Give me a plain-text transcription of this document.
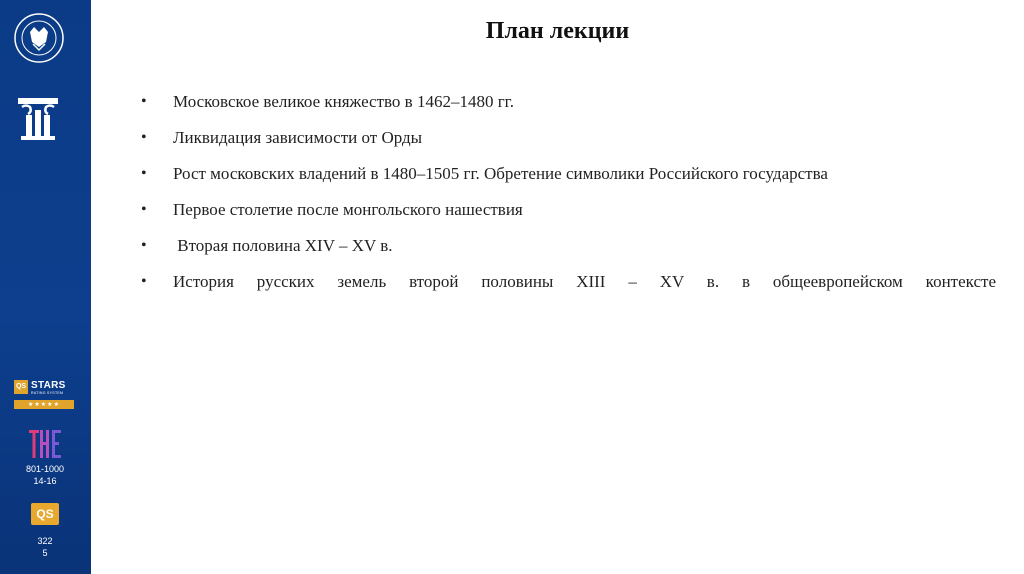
QS STARS
RATING SYSTEM
★★★★★
801-1000
14-16
QS
322
5
План лекции
• Московское великое княжество в 1462–1480 гг.
• Ликвидация зависимости от Орды
• Рост московских владений в 1480–1505 гг. Обретение символики Российского государства
• Первое столетие после монгольского нашествия
• Вторая половина XIV – XV в.
• История русских земель второй половины XIII – XV в. в общеевропейском контексте
